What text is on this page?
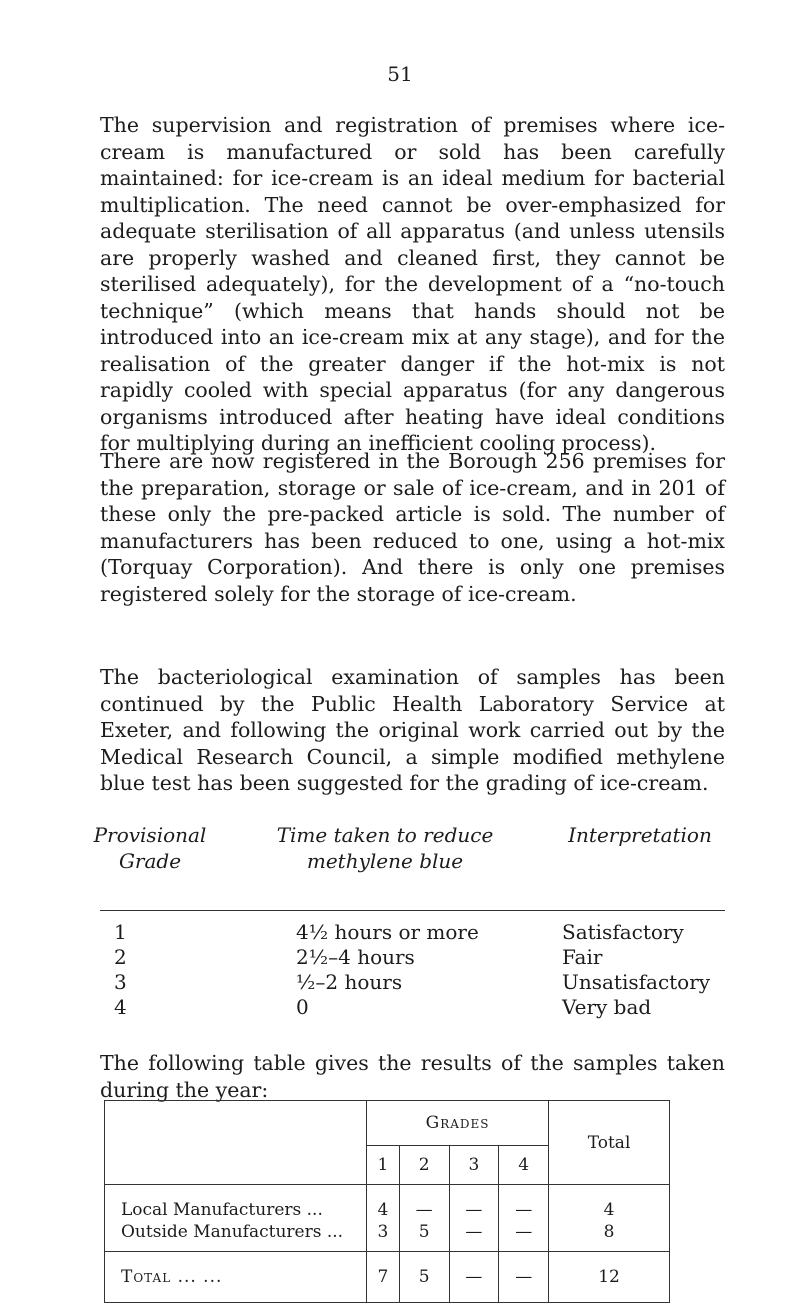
51

The supervision and registration of premises where ice-cream is manufactured or sold has been carefully maintained: for ice-cream is an ideal medium for bacterial multiplication. The need cannot be over-emphasized for adequate sterilisation of all apparatus (and unless utensils are properly washed and cleaned first, they cannot be sterilised adequately), for the development of a “no-touch technique” (which means that hands should not be introduced into an ice-cream mix at any stage), and for the realisation of the greater danger if the hot-mix is not rapidly cooled with special apparatus (for any dangerous organisms introduced after heating have ideal conditions for multiplying during an inefficient cooling process).

There are now registered in the Borough 256 premises for the preparation, storage or sale of ice-cream, and in 201 of these only the pre-packed article is sold. The number of manufacturers has been reduced to one, using a hot-mix (Torquay Corporation). And there is only one premises registered solely for the storage of ice-cream.

The bacteriological examination of samples has been continued by the Public Health Laboratory Service at Exeter, and following the original work carried out by the Medical Research Council, a simple modified methylene blue test has been suggested for the grading of ice-cream.

Provisional
Grade
Time taken to reduce
methylene blue
Interpretation
1	4½ hours or more	Satisfactory
2	2½–4 hours	Fair
3	½–2 hours	Unsatisfactory
4	0	Very bad

The following table gives the results of the samples taken during the year:

	Grades				Total
	1	2	3	4	
Local Manufacturers ...	4	—	—	—	4
Outside Manufacturers ...	3	5	—	—	8
Total ... ...	7	5	—	—	12
